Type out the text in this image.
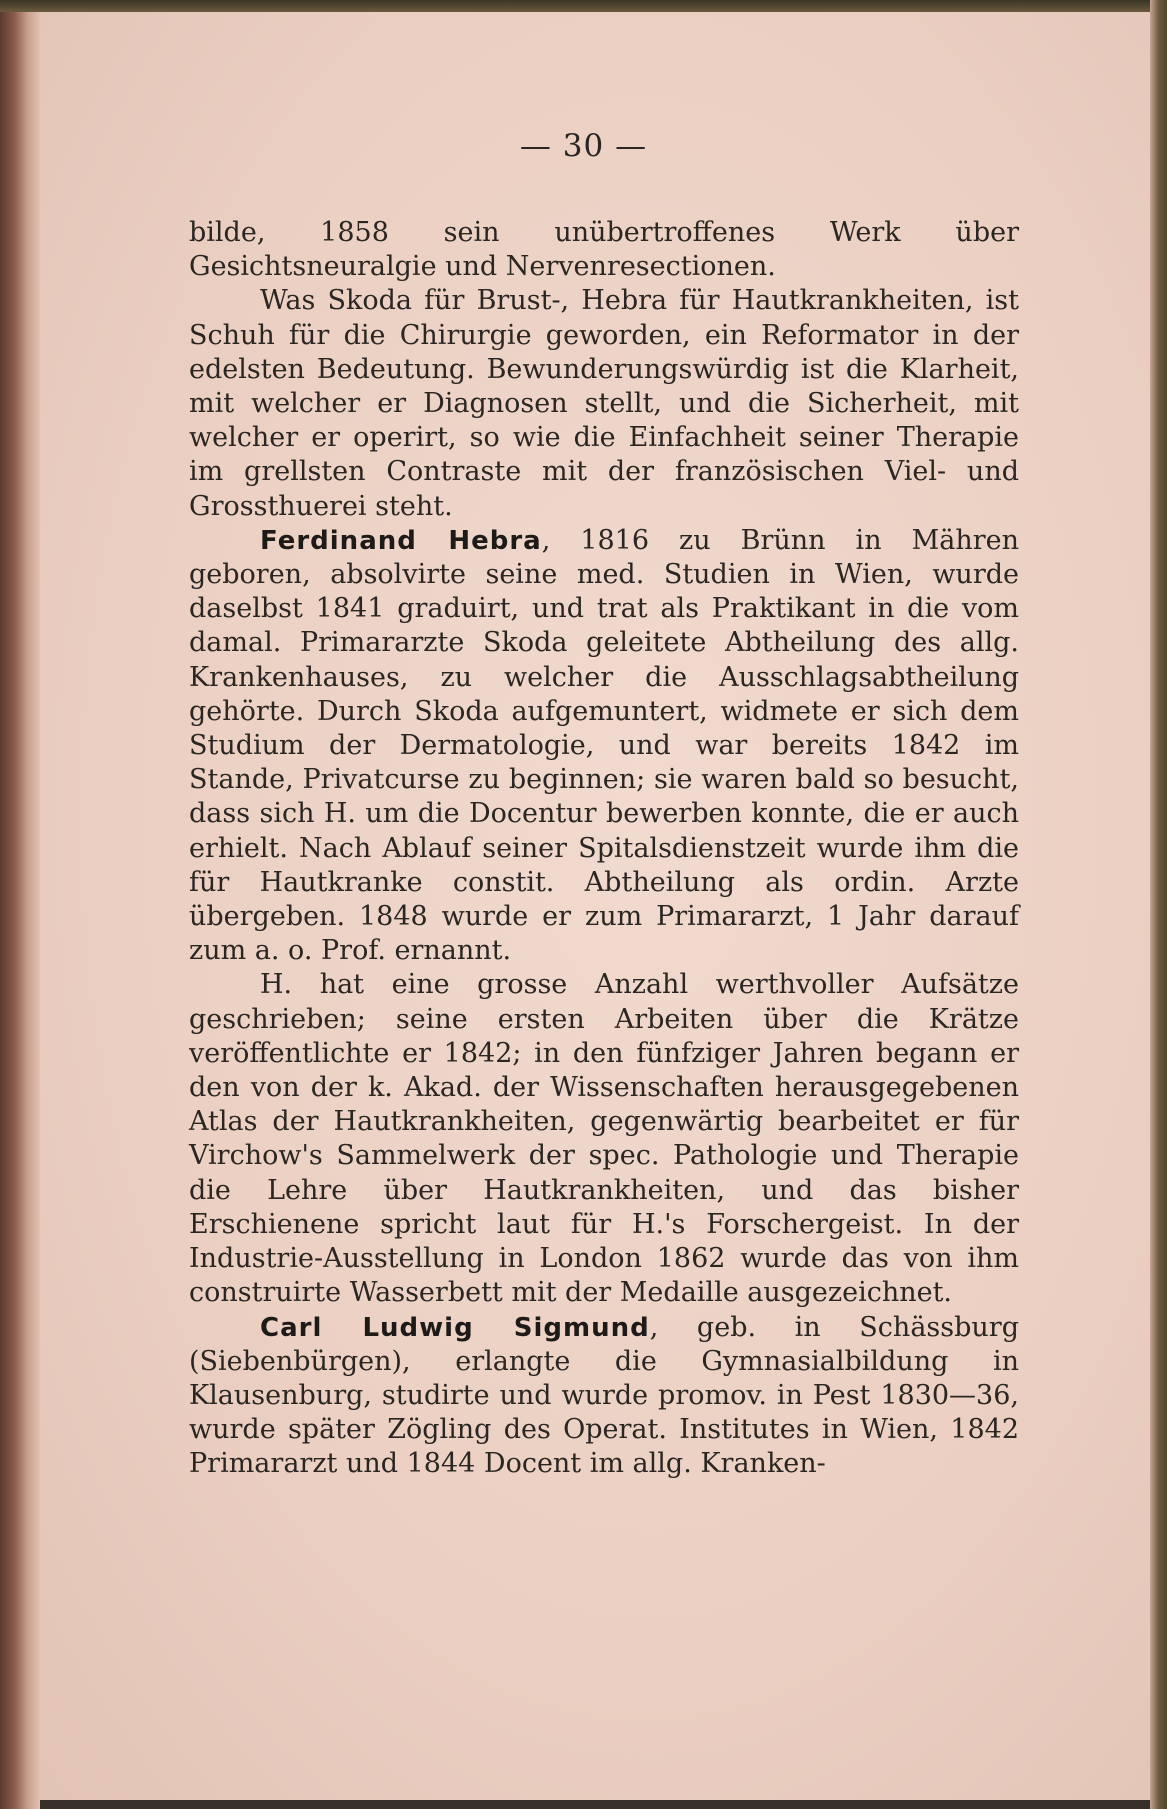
— 30 —

bilde, 1858 sein unübertroffenes Werk über Gesichtsneuralgie und Nervenresectionen.

Was Skoda für Brust-, Hebra für Hautkrankheiten, ist Schuh für die Chirurgie geworden, ein Reformator in der edelsten Bedeutung. Bewunderungswürdig ist die Klarheit, mit welcher er Diagnosen stellt, und die Sicherheit, mit welcher er operirt, so wie die Einfachheit seiner Therapie im grellsten Contraste mit der französischen Viel- und Grossthuerei steht.

Ferdinand Hebra, 1816 zu Brünn in Mähren geboren, absolvirte seine med. Studien in Wien, wurde daselbst 1841 graduirt, und trat als Praktikant in die vom damal. Primararzte Skoda geleitete Abtheilung des allg. Krankenhauses, zu welcher die Ausschlagsabtheilung gehörte. Durch Skoda aufgemuntert, widmete er sich dem Studium der Dermatologie, und war bereits 1842 im Stande, Privatcurse zu beginnen; sie waren bald so besucht, dass sich H. um die Docentur bewerben konnte, die er auch erhielt. Nach Ablauf seiner Spitalsdienstzeit wurde ihm die für Hautkranke constit. Abtheilung als ordin. Arzte übergeben. 1848 wurde er zum Primararzt, 1 Jahr darauf zum a. o. Prof. ernannt.

H. hat eine grosse Anzahl werthvoller Aufsätze geschrieben; seine ersten Arbeiten über die Krätze veröffentlichte er 1842; in den fünfziger Jahren begann er den von der k. Akad. der Wissenschaften herausgegebenen Atlas der Hautkrankheiten, gegenwärtig bearbeitet er für Virchow's Sammelwerk der spec. Pathologie und Therapie die Lehre über Hautkrankheiten, und das bisher Erschienene spricht laut für H.'s Forschergeist. In der Industrie-Ausstellung in London 1862 wurde das von ihm construirte Wasserbett mit der Medaille ausgezeichnet.

Carl Ludwig Sigmund, geb. in Schässburg (Siebenbürgen), erlangte die Gymnasialbildung in Klausenburg, studirte und wurde promov. in Pest 1830—36, wurde später Zögling des Operat. Institutes in Wien, 1842 Primararzt und 1844 Docent im allg. Kranken-
